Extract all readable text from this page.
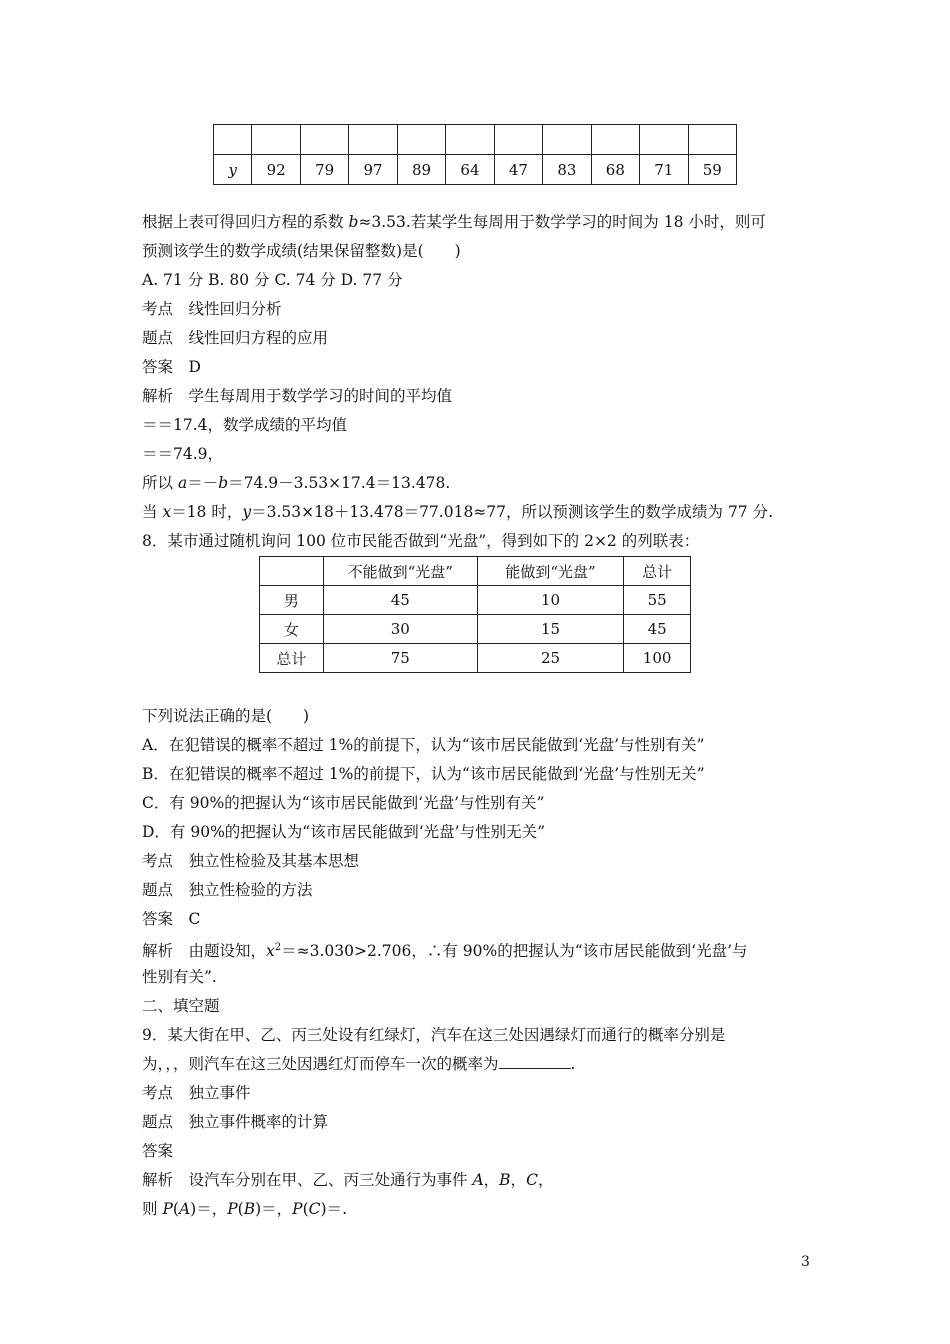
y	92	79	97	89	64	47	83	68	71	59
根据上表可得回归方程的系数 b≈3.53.若某学生每周用于数学学习的时间为 18 小时，则可
预测该学生的数学成绩(结果保留整数)是(　　)
A. 71 分 B. 80 分 C. 74 分 D. 77 分
考点　线性回归分析
题点　线性回归方程的应用
答案　D
解析　学生每周用于数学学习的时间的平均值
＝＝17.4，数学成绩的平均值
＝＝74.9，
所以 a＝－b＝74.9－3.53×17.4＝13.478.
当 x＝18 时，y＝3.53×18＋13.478＝77.018≈77，所以预测该学生的数学成绩为 77 分.
8．某市通过随机询问 100 位市民能否做到“光盘”，得到如下的 2×2 的列联表：
	不能做到“光盘”	能做到“光盘”	总计
男	45	10	55
女	30	15	45
总计	75	25	100
下列说法正确的是(　　)
A．在犯错误的概率不超过 1%的前提下，认为“该市居民能做到‘光盘’与性别有关”
B．在犯错误的概率不超过 1%的前提下，认为“该市居民能做到‘光盘’与性别无关”
C．有 90%的把握认为“该市居民能做到‘光盘’与性别有关”
D．有 90%的把握认为“该市居民能做到‘光盘’与性别无关”
考点　独立性检验及其基本思想
题点　独立性检验的方法
答案　C
解析　由题设知，$x^2=\approx 3.030>2.706$，∴有 90%的把握认为“该市居民能做到‘光盘’与
性别有关”.
二、填空题
9．某大街在甲、乙、丙三处设有红绿灯，汽车在这三处因遇绿灯而通行的概率分别是
为，，，则汽车在这三处因遇红灯而停车一次的概率为	.
考点　独立事件
题点　独立事件概率的计算
答案
解析　设汽车分别在甲、乙、丙三处通行为事件 A，B，C，
则 P(A)＝，P(B)＝，P(C)＝.
3
